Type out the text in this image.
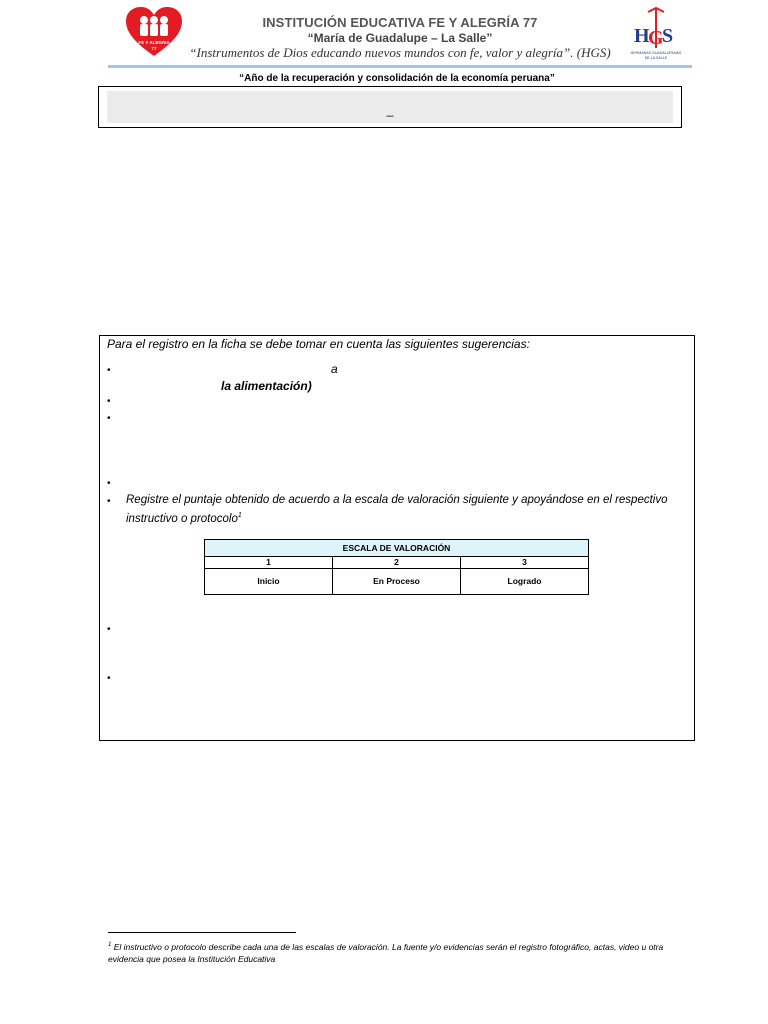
FE Y ALEGRIA
77
INSTITUCIÓN EDUCATIVA FE Y ALEGRÍA 77
“María de Guadalupe – La Salle”
“Instrumentos de Dios educando nuevos mundos con fe, valor y alegría”. (HGS)
H
G
S
HERMANAS GUADALUPANAS
DE LA SALLE
“Año de la recuperación y consolidación de la economía peruana”
_
Para el registro en la ficha se debe tomar en cuenta las siguientes sugerencias:
•	a
la alimentación)
•
•
•
• Registre el puntaje obtenido de acuerdo a la escala de valoración siguiente y apoyándose en el respectivo instructivo o protocolo$^1$
ESCALA DE VALORACIÓN
1	2	3
Inicio	En Proceso	Logrado
•
•
$^1$ El instructivo o protocolo describe cada una de las escalas de valoración. La fuente y/o evidencias serán el registro fotográfico, actas, video u otra evidencia que posea la Institución Educativa
